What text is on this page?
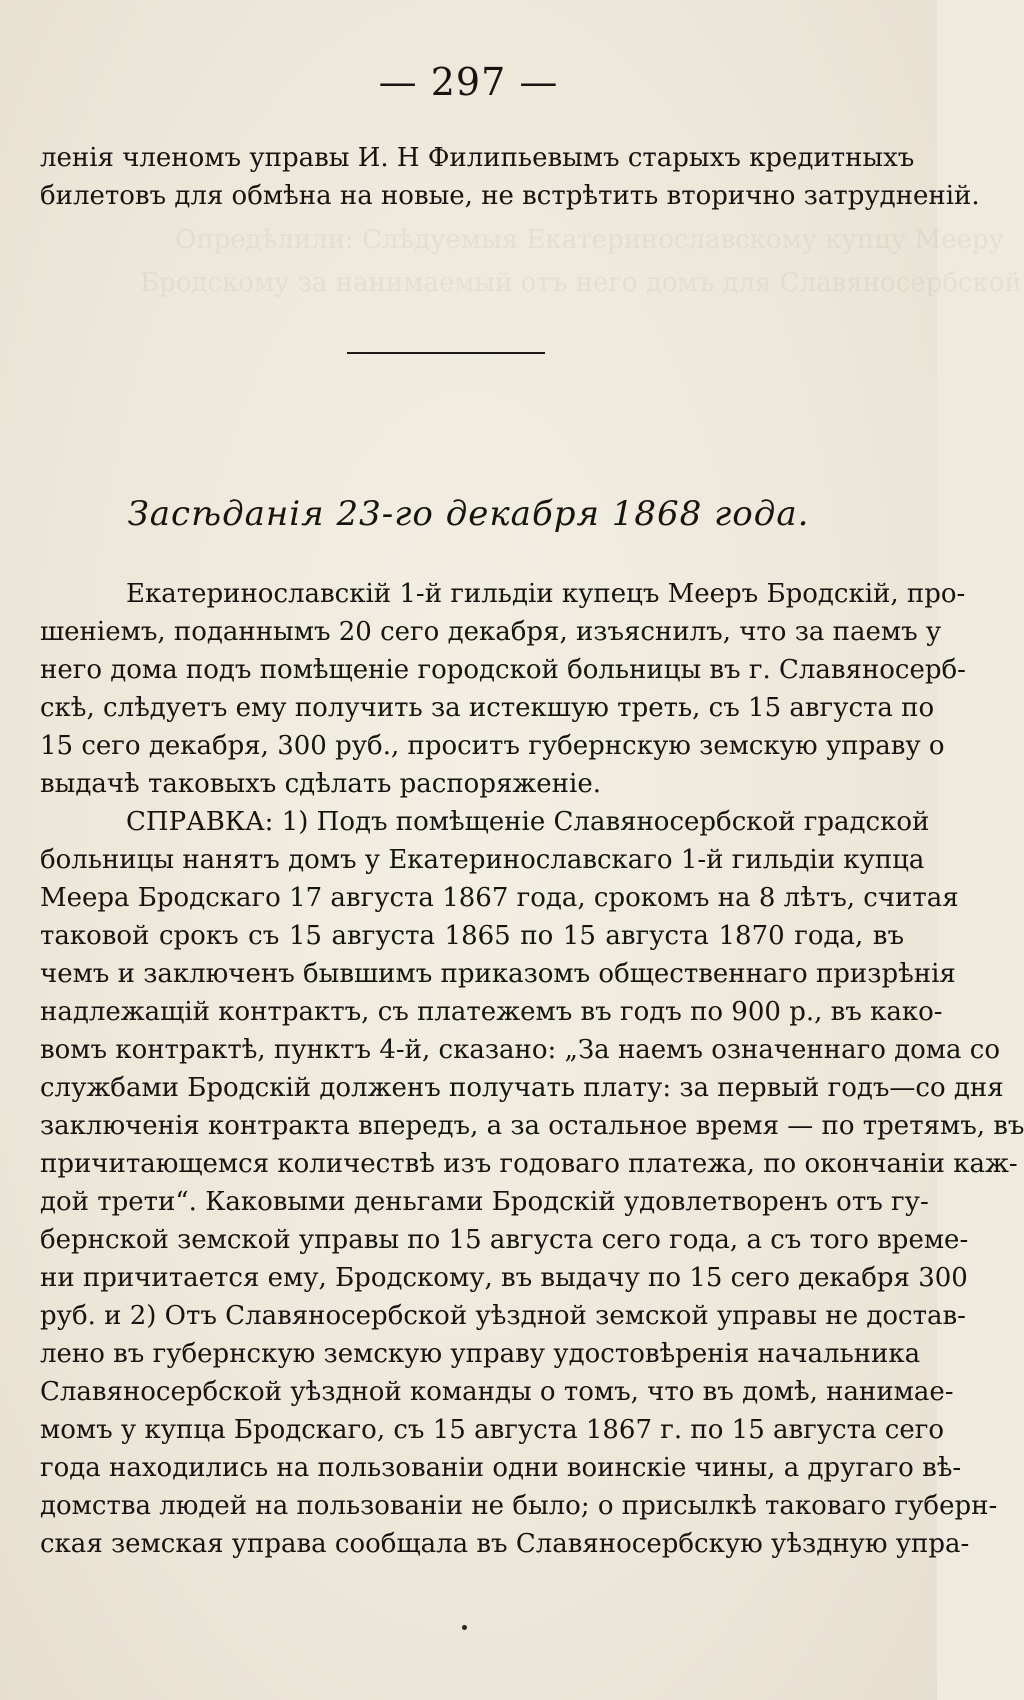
Опредѣлили: Слѣдуемыя Екатеринославскому купцу Мееру
Бродскому за нанимаемый отъ него домъ для Славяносербской
— 297 —
ленія членомъ управы И. Н Филипьевымъ старыхъ кредитныхъ
билетовъ для обмѣна на новые, не встрѣтить вторично затрудненій.
Засѣданія 23-го декабря 1868 года.
Екатеринославскій 1-й гильдіи купецъ Мееръ Бродскій, про-
шеніемъ, поданнымъ 20 сего декабря, изъяснилъ, что за паемъ у
него дома подъ помѣщеніе городской больницы въ г. Славяносерб-
скѣ, слѣдуетъ ему получить за истекшую треть, съ 15 августа по
15 сего декабря, 300 руб., проситъ губернскую земскую управу о
выдачѣ таковыхъ сдѣлать распоряженіе.
СПРАВКА: 1) Подъ помѣщеніе Славяносербской градской
больницы нанятъ домъ у Екатеринославскаго 1-й гильдіи купца
Меера Бродскаго 17 августа 1867 года, срокомъ на 8 лѣтъ, считая
таковой срокъ съ 15 августа 1865 по 15 августа 1870 года, въ
чемъ и заключенъ бывшимъ приказомъ общественнаго призрѣнія
надлежащій контрактъ, съ платежемъ въ годъ по 900 р., въ како-
вомъ контрактѣ, пунктъ 4-й, сказано: „За наемъ означеннаго дома со
службами Бродскій долженъ получать плату: за первый годъ—со дня
заключенія контракта впередъ, а за остальное время — по третямъ, въ
причитающемся количествѣ изъ годоваго платежа, по окончаніи каж-
дой трети“. Каковыми деньгами Бродскій удовлетворенъ отъ гу-
бернской земской управы по 15 августа сего года, а съ того време-
ни причитается ему, Бродскому, въ выдачу по 15 сего декабря 300
руб. и 2) Отъ Славяносербской уѣздной земской управы не достав-
лено въ губернскую земскую управу удостовѣренія начальника
Славяносербской уѣздной команды о томъ, что въ домѣ, нанимае-
момъ у купца Бродскаго, съ 15 августа 1867 г. по 15 августа сего
года находились на пользованіи одни воинскіе чины, а другаго вѣ-
домства людей на пользованіи не было; о присылкѣ таковаго губерн-
ская земская управа сообщала въ Славяносербскую уѣздную упра-
